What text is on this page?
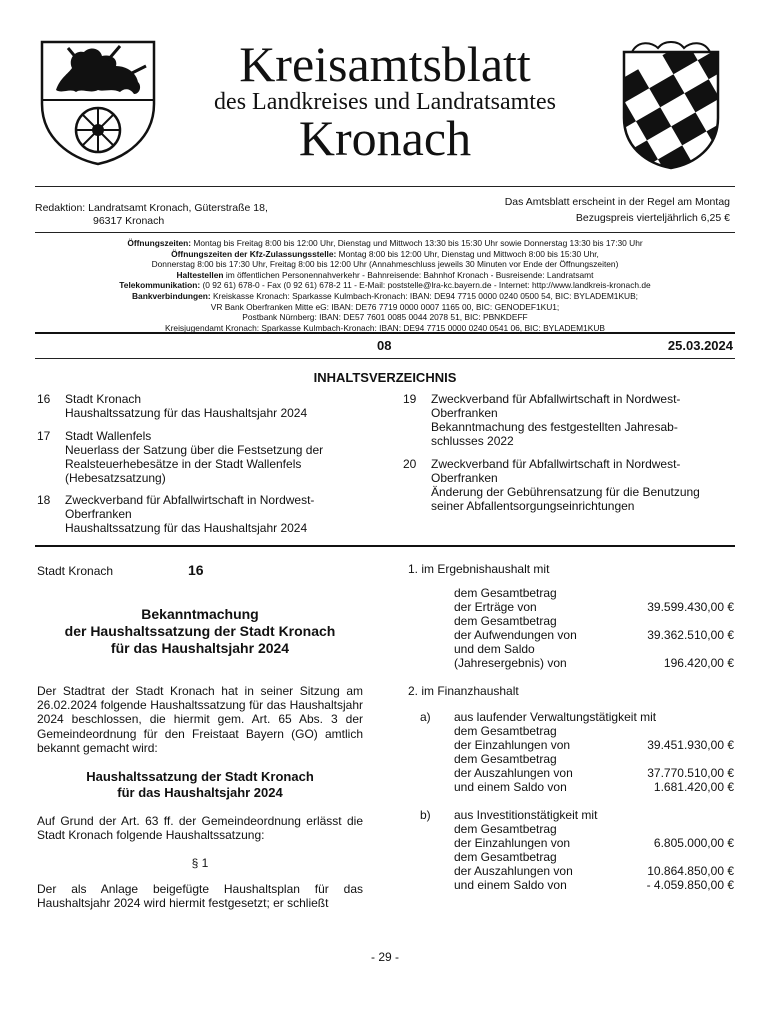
Kreisamtsblatt
des Landkreises und Landratsamtes
Kronach
Redaktion: Landratsamt Kronach, Güterstraße 18,
96317 Kronach
Das Amtsblatt erscheint in der Regel am Montag
Bezugspreis vierteljährlich 6,25 €
Öffnungszeiten: Montag bis Freitag 8:00 bis 12:00 Uhr, Dienstag und Mittwoch 13:30 bis 15:30 Uhr sowie Donnerstag 13:30 bis 17:30 Uhr
Öffnungszeiten der Kfz-Zulassungsstelle: Montag 8:00 bis 12:00 Uhr, Dienstag und Mittwoch 8:00 bis 15:30 Uhr,
Donnerstag 8:00 bis 17:30 Uhr, Freitag 8:00 bis 12:00 Uhr (Annahmeschluss jeweils 30 Minuten vor Ende der Öffnungszeiten)
Haltestellen im öffentlichen Personennahverkehr - Bahnreisende: Bahnhof Kronach - Busreisende: Landratsamt
Telekommunikation: (0 92 61) 678-0 - Fax (0 92 61) 678-2 11 - E-Mail: poststelle@lra-kc.bayern.de - Internet: http://www.landkreis-kronach.de
Bankverbindungen: Kreiskasse Kronach: Sparkasse Kulmbach-Kronach: IBAN: DE94 7715 0000 0240 0500 54, BIC: BYLADEM1KUB;
VR Bank Oberfranken Mitte eG: IBAN: DE76 7719 0000 0007 1165 00, BIC: GENODEF1KU1;
Postbank Nürnberg: IBAN: DE57 7601 0085 0044 2078 51, BIC: PBNKDEFF
Kreisjugendamt Kronach: Sparkasse Kulmbach-Kronach: IBAN: DE94 7715 0000 0240 0541 06, BIC: BYLADEM1KUB
08	25.03.2024
INHALTSVERZEICHNIS
16 Stadt Kronach
Haushaltssatzung für das Haushaltsjahr 2024
17 Stadt Wallenfels
Neuerlass der Satzung über die Festsetzung der
Realsteuerhebesätze in der Stadt Wallenfels
(Hebesatzsatzung)
18 Zweckverband für Abfallwirtschaft in Nordwest-
Oberfranken
Haushaltssatzung für das Haushaltsjahr 2024
19 Zweckverband für Abfallwirtschaft in Nordwest-
Oberfranken
Bekanntmachung des festgestellten Jahresab-
schlusses 2022
20 Zweckverband für Abfallwirtschaft in Nordwest-
Oberfranken
Änderung der Gebührensatzung für die Benutzung
seiner Abfallentsorgungseinrichtungen
Stadt Kronach	16
Bekanntmachung
der Haushaltssatzung der Stadt Kronach
für das Haushaltsjahr 2024
Der Stadtrat der Stadt Kronach hat in seiner Sitzung am 26.02.2024 folgende Haushaltssatzung für das Haushaltsjahr 2024 beschlossen, die hiermit gem. Art. 65 Abs. 3 der Gemeindeordnung für den Freistaat Bayern (GO) amtlich bekannt gemacht wird:
Haushaltssatzung der Stadt Kronach
für das Haushaltsjahr 2024
Auf Grund der Art. 63 ff. der Gemeindeordnung erlässt die Stadt Kronach folgende Haushaltssatzung:
§ 1
Der als Anlage beigefügte Haushaltsplan für das Haushaltsjahr 2024 wird hiermit festgesetzt; er schließt
1. im Ergebnishaushalt mit
dem Gesamtbetrag
der Erträge von	39.599.430,00 €
dem Gesamtbetrag
der Aufwendungen von	39.362.510,00 €
und dem Saldo
(Jahresergebnis) von	196.420,00 €
2. im Finanzhaushalt
a) aus laufender Verwaltungstätigkeit mit
dem Gesamtbetrag
der Einzahlungen von	39.451.930,00 €
dem Gesamtbetrag
der Auszahlungen von	37.770.510,00 €
und einem Saldo von	1.681.420,00 €
b) aus Investitionstätigkeit mit
dem Gesamtbetrag
der Einzahlungen von	6.805.000,00 €
dem Gesamtbetrag
der Auszahlungen von	10.864.850,00 €
und einem Saldo von	- 4.059.850,00 €
- 29 -
